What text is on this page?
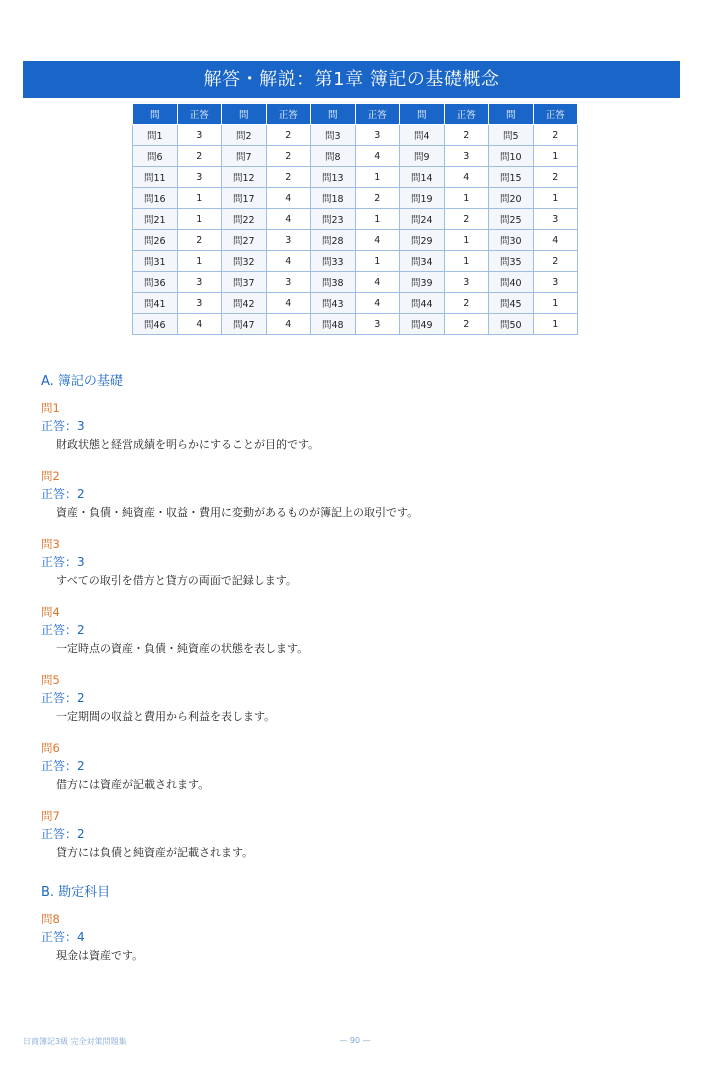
解答・解説：第1章 簿記の基礎概念
問	正答	問	正答	問	正答	問	正答	問	正答
問1	3	問2	2	問3	3	問4	2	問5	2
問6	2	問7	2	問8	4	問9	3	問10	1
問11	3	問12	2	問13	1	問14	4	問15	2
問16	1	問17	4	問18	2	問19	1	問20	1
問21	1	問22	4	問23	1	問24	2	問25	3
問26	2	問27	3	問28	4	問29	1	問30	4
問31	1	問32	4	問33	1	問34	1	問35	2
問36	3	問37	3	問38	4	問39	3	問40	3
問41	3	問42	4	問43	4	問44	2	問45	1
問46	4	問47	4	問48	3	問49	2	問50	1
A. 簿記の基礎
問1
正答：3
財政状態と経営成績を明らかにすることが目的です。
問2
正答：2
資産・負債・純資産・収益・費用に変動があるものが簿記上の取引です。
問3
正答：3
すべての取引を借方と貸方の両面で記録します。
問4
正答：2
一定時点の資産・負債・純資産の状態を表します。
問5
正答：2
一定期間の収益と費用から利益を表します。
問6
正答：2
借方には資産が記載されます。
問7
正答：2
貸方には負債と純資産が記載されます。
B. 勘定科目
問8
正答：4
現金は資産です。
日商簿記3級 完全対策問題集	— 90 —
